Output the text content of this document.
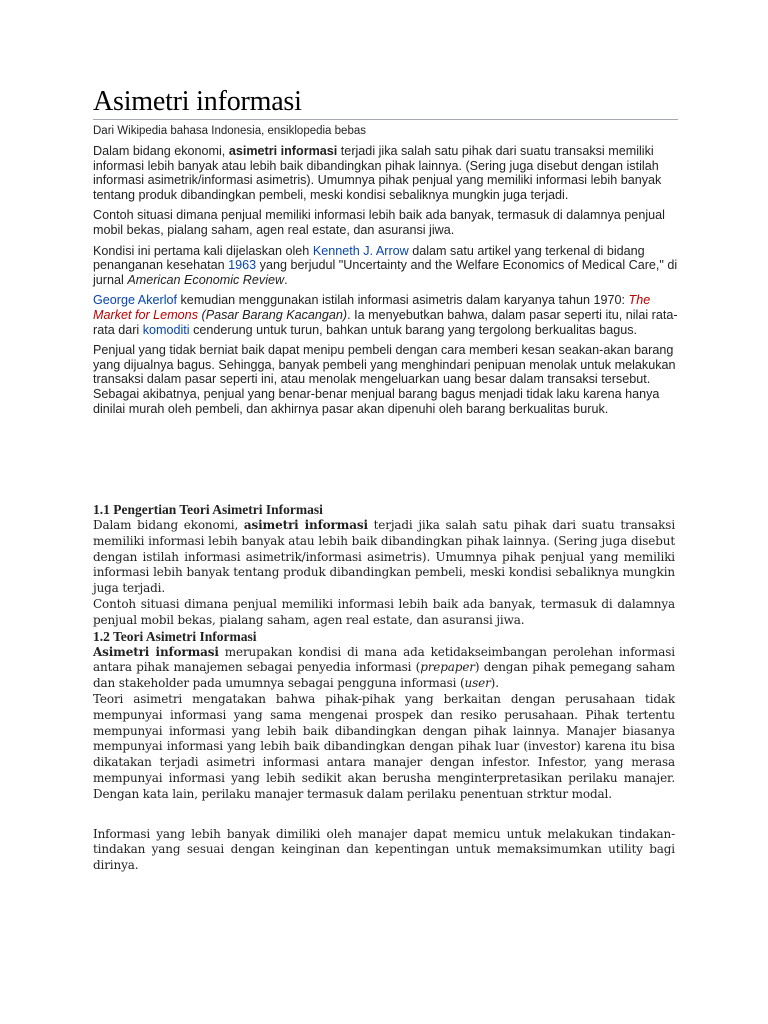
Asimetri informasi
Dari Wikipedia bahasa Indonesia, ensiklopedia bebas

Dalam bidang ekonomi, asimetri informasi terjadi jika salah satu pihak dari suatu transaksi memiliki informasi lebih banyak atau lebih baik dibandingkan pihak lainnya. (Sering juga disebut dengan istilah informasi asimetrik/informasi asimetris). Umumnya pihak penjual yang memiliki informasi lebih banyak tentang produk dibandingkan pembeli, meski kondisi sebaliknya mungkin juga terjadi.

Contoh situasi dimana penjual memiliki informasi lebih baik ada banyak, termasuk di dalamnya penjual mobil bekas, pialang saham, agen real estate, dan asuransi jiwa.

Kondisi ini pertama kali dijelaskan oleh Kenneth J. Arrow dalam satu artikel yang terkenal di bidang penanganan kesehatan 1963 yang berjudul "Uncertainty and the Welfare Economics of Medical Care," di jurnal American Economic Review.

George Akerlof kemudian menggunakan istilah informasi asimetris dalam karyanya tahun 1970: The Market for Lemons (Pasar Barang Kacangan). Ia menyebutkan bahwa, dalam pasar seperti itu, nilai rata-rata dari komoditi cenderung untuk turun, bahkan untuk barang yang tergolong berkualitas bagus.

Penjual yang tidak berniat baik dapat menipu pembeli dengan cara memberi kesan seakan-akan barang yang dijualnya bagus. Sehingga, banyak pembeli yang menghindari penipuan menolak untuk melakukan transaksi dalam pasar seperti ini, atau menolak mengeluarkan uang besar dalam transaksi tersebut. Sebagai akibatnya, penjual yang benar-benar menjual barang bagus menjadi tidak laku karena hanya dinilai murah oleh pembeli, dan akhirnya pasar akan dipenuhi oleh barang berkualitas buruk.

1.1 Pengertian Teori Asimetri Informasi

Dalam bidang ekonomi, asimetri informasi terjadi jika salah satu pihak dari suatu transaksi memiliki informasi lebih banyak atau lebih baik dibandingkan pihak lainnya. (Sering juga disebut dengan istilah informasi asimetrik/informasi asimetris). Umumnya pihak penjual yang memiliki informasi lebih banyak tentang produk dibandingkan pembeli, meski kondisi sebaliknya mungkin juga terjadi.

Contoh situasi dimana penjual memiliki informasi lebih baik ada banyak, termasuk di dalamnya penjual mobil bekas, pialang saham, agen real estate, dan asuransi jiwa.

1.2 Teori Asimetri Informasi

Asimetri informasi merupakan kondisi di mana ada ketidakseimbangan perolehan informasi antara pihak manajemen sebagai penyedia informasi (prepaper) dengan pihak pemegang saham dan stakeholder pada umumnya sebagai pengguna informasi (user).

Teori asimetri mengatakan bahwa pihak-pihak yang berkaitan dengan perusahaan tidak mempunyai informasi yang sama mengenai prospek dan resiko perusahaan. Pihak tertentu mempunyai informasi yang lebih baik dibandingkan dengan pihak lainnya. Manajer biasanya mempunyai informasi yang lebih baik dibandingkan dengan pihak luar (investor) karena itu bisa dikatakan terjadi asimetri informasi antara manajer dengan infestor. Infestor, yang merasa mempunyai informasi yang lebih sedikit akan berusha menginterpretasikan perilaku manajer. Dengan kata lain, perilaku manajer termasuk dalam perilaku penentuan strktur modal.

Informasi yang lebih banyak dimiliki oleh manajer dapat memicu untuk melakukan tindakan-tindakan yang sesuai dengan keinginan dan kepentingan untuk memaksimumkan utility bagi dirinya.
